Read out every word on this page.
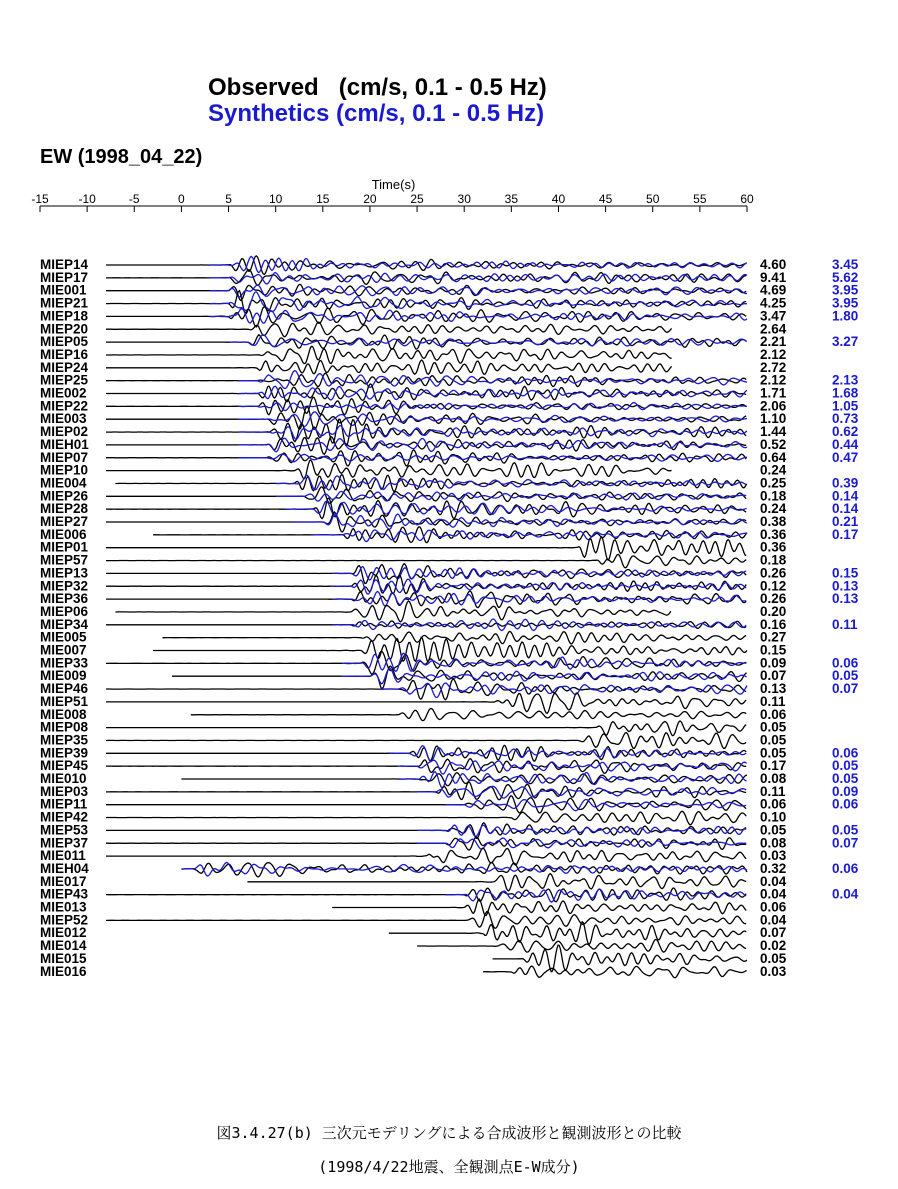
Observed   (cm/s, 0.1 - 0.5 Hz)
Synthetics (cm/s, 0.1 - 0.5 Hz)
EW (1998_04_22)
Time(s)
-15 -10	-5	0	5	10	15	20	25	30	35	40	45	50	55	60
MIEP14	4.60	3.45
MIEP17	9.41	5.62
MIE001	4.69	3.95
MIEP21	4.25	3.95
MIEP18	3.47	1.80
MIEP20	2.64
MIEP05	2.21	3.27
MIEP16	2.12
MIEP24	2.72
MIEP25	2.12	2.13
MIE002	1.71	1.68
MIEP22	2.06	1.05
MIE003	1.10	0.73
MIEP02	1.44	0.62
MIEH01	0.52	0.44
MIEP07	0.64	0.47
MIEP10	0.24
MIE004	0.25	0.39
MIEP26	0.18	0.14
MIEP28	0.24	0.14
MIEP27	0.38	0.21
MIE006	0.36	0.17
MIEP01	0.36
MIEP57	0.18
MIEP13	0.26	0.15
MIEP32	0.12	0.13
MIEP36	0.26	0.13
MIEP06	0.20
MIEP34	0.16	0.11
MIE005	0.27
MIE007	0.15
MIEP33	0.09	0.06
MIE009	0.07	0.05
MIEP46	0.13	0.07
MIEP51	0.11
MIE008	0.06
MIEP08	0.05
MIEP35	0.05
MIEP39	0.05	0.06
MIEP45	0.17	0.05
MIE010	0.08	0.05
MIEP03	0.11	0.09
MIEP11	0.06	0.06
MIEP42	0.10
MIEP53	0.05	0.05
MIEP37	0.08	0.07
MIE011	0.03
MIEH04	0.32	0.06
MIE017	0.04
MIEP43	0.04	0.04
MIE013	0.06
MIEP52	0.04
MIE012	0.07
MIE014	0.02
MIE015	0.05
MIE016	0.03
図3.4.27(b) 三次元モデリングによる合成波形と観測波形との比較
(1998/4/22地震、全観測点E-W成分)
